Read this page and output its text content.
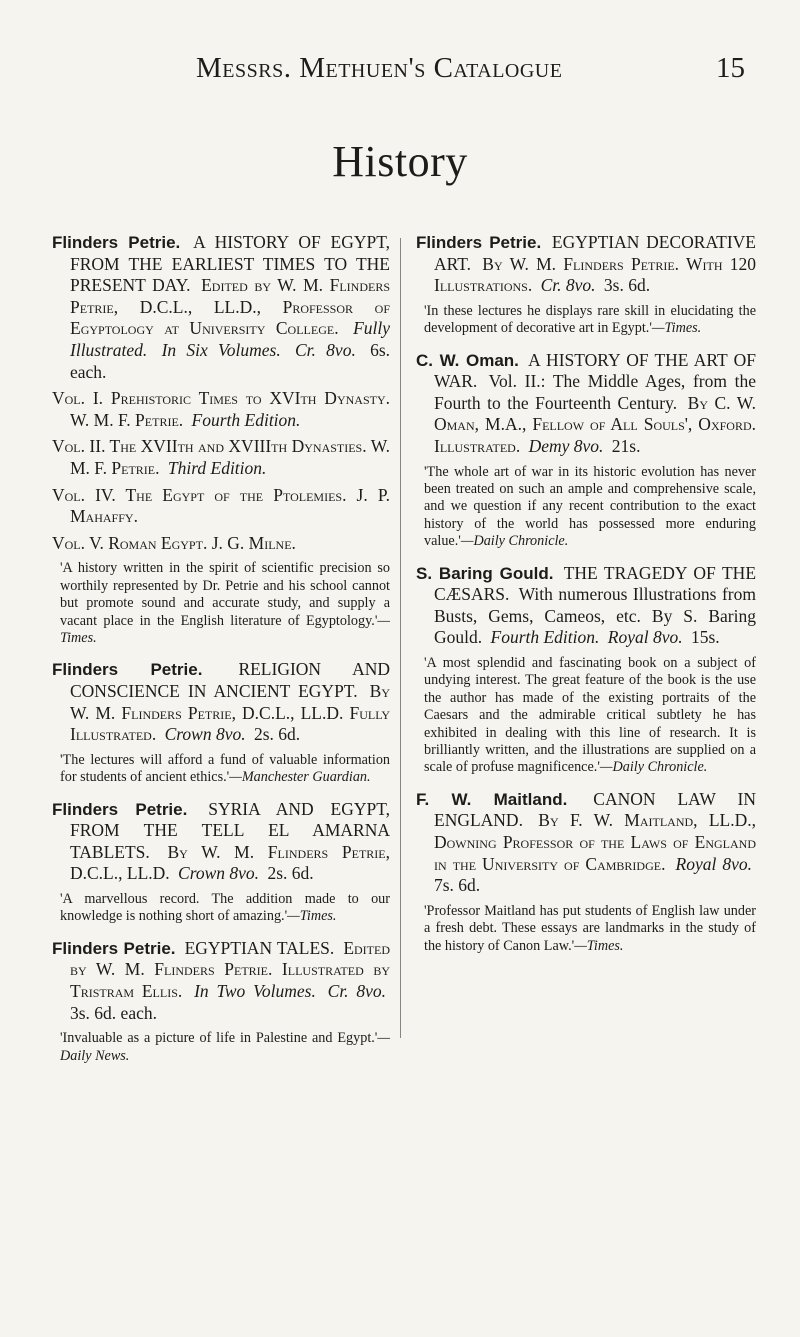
Messrs. Methuen's Catalogue	15
History
Flinders Petrie. A HISTORY OF EGYPT, FROM THE EARLIEST TIMES TO THE PRESENT DAY. Edited by W. M. Flinders Petrie, D.C.L., LL.D., Professor of Egyptology at University College. Fully Illustrated. In Six Volumes. Cr. 8vo. 6s. each.
Vol. I. Prehistoric Times to XVIth Dynasty. W. M. F. Petrie. Fourth Edition.
Vol. II. The XVIIth and XVIIIth Dynasties. W. M. F. Petrie. Third Edition.
Vol. IV. The Egypt of the Ptolemies. J. P. Mahaffy.
Vol. V. Roman Egypt. J. G. Milne.
'A history written in the spirit of scientific precision so worthily represented by Dr. Petrie and his school cannot but promote sound and accurate study, and supply a vacant place in the English literature of Egyptology.'—Times.
Flinders Petrie. RELIGION AND CONSCIENCE IN ANCIENT EGYPT. By W. M. Flinders Petrie, D.C.L., LL.D. Fully Illustrated. Crown 8vo. 2s. 6d.
'The lectures will afford a fund of valuable information for students of ancient ethics.'—Manchester Guardian.
Flinders Petrie. SYRIA AND EGYPT, FROM THE TELL EL AMARNA TABLETS. By W. M. Flinders Petrie, D.C.L., LL.D. Crown 8vo. 2s. 6d.
'A marvellous record. The addition made to our knowledge is nothing short of amazing.'—Times.
Flinders Petrie. EGYPTIAN TALES. Edited by W. M. Flinders Petrie. Illustrated by Tristram Ellis. In Two Volumes. Cr. 8vo. 3s. 6d. each.
'Invaluable as a picture of life in Palestine and Egypt.'—Daily News.
Flinders Petrie. EGYPTIAN DECORATIVE ART. By W. M. Flinders Petrie. With 120 Illustrations. Cr. 8vo. 3s. 6d.
'In these lectures he displays rare skill in elucidating the development of decorative art in Egypt.'—Times.
C. W. Oman. A HISTORY OF THE ART OF WAR. Vol. II.: The Middle Ages, from the Fourth to the Fourteenth Century. By C. W. Oman, M.A., Fellow of All Souls', Oxford. Illustrated. Demy 8vo. 21s.
'The whole art of war in its historic evolution has never been treated on such an ample and comprehensive scale, and we question if any recent contribution to the exact history of the world has possessed more enduring value.'—Daily Chronicle.
S. Baring Gould. THE TRAGEDY OF THE CÆSARS. With numerous Illustrations from Busts, Gems, Cameos, etc. By S. Baring Gould. Fourth Edition. Royal 8vo. 15s.
'A most splendid and fascinating book on a subject of undying interest. The great feature of the book is the use the author has made of the existing portraits of the Caesars and the admirable critical subtlety he has exhibited in dealing with this line of research. It is brilliantly written, and the illustrations are supplied on a scale of profuse magnificence.'—Daily Chronicle.
F. W. Maitland. CANON LAW IN ENGLAND. By F. W. Maitland, LL.D., Downing Professor of the Laws of England in the University of Cambridge. Royal 8vo. 7s. 6d.
'Professor Maitland has put students of English law under a fresh debt. These essays are landmarks in the study of the history of Canon Law.'—Times.
